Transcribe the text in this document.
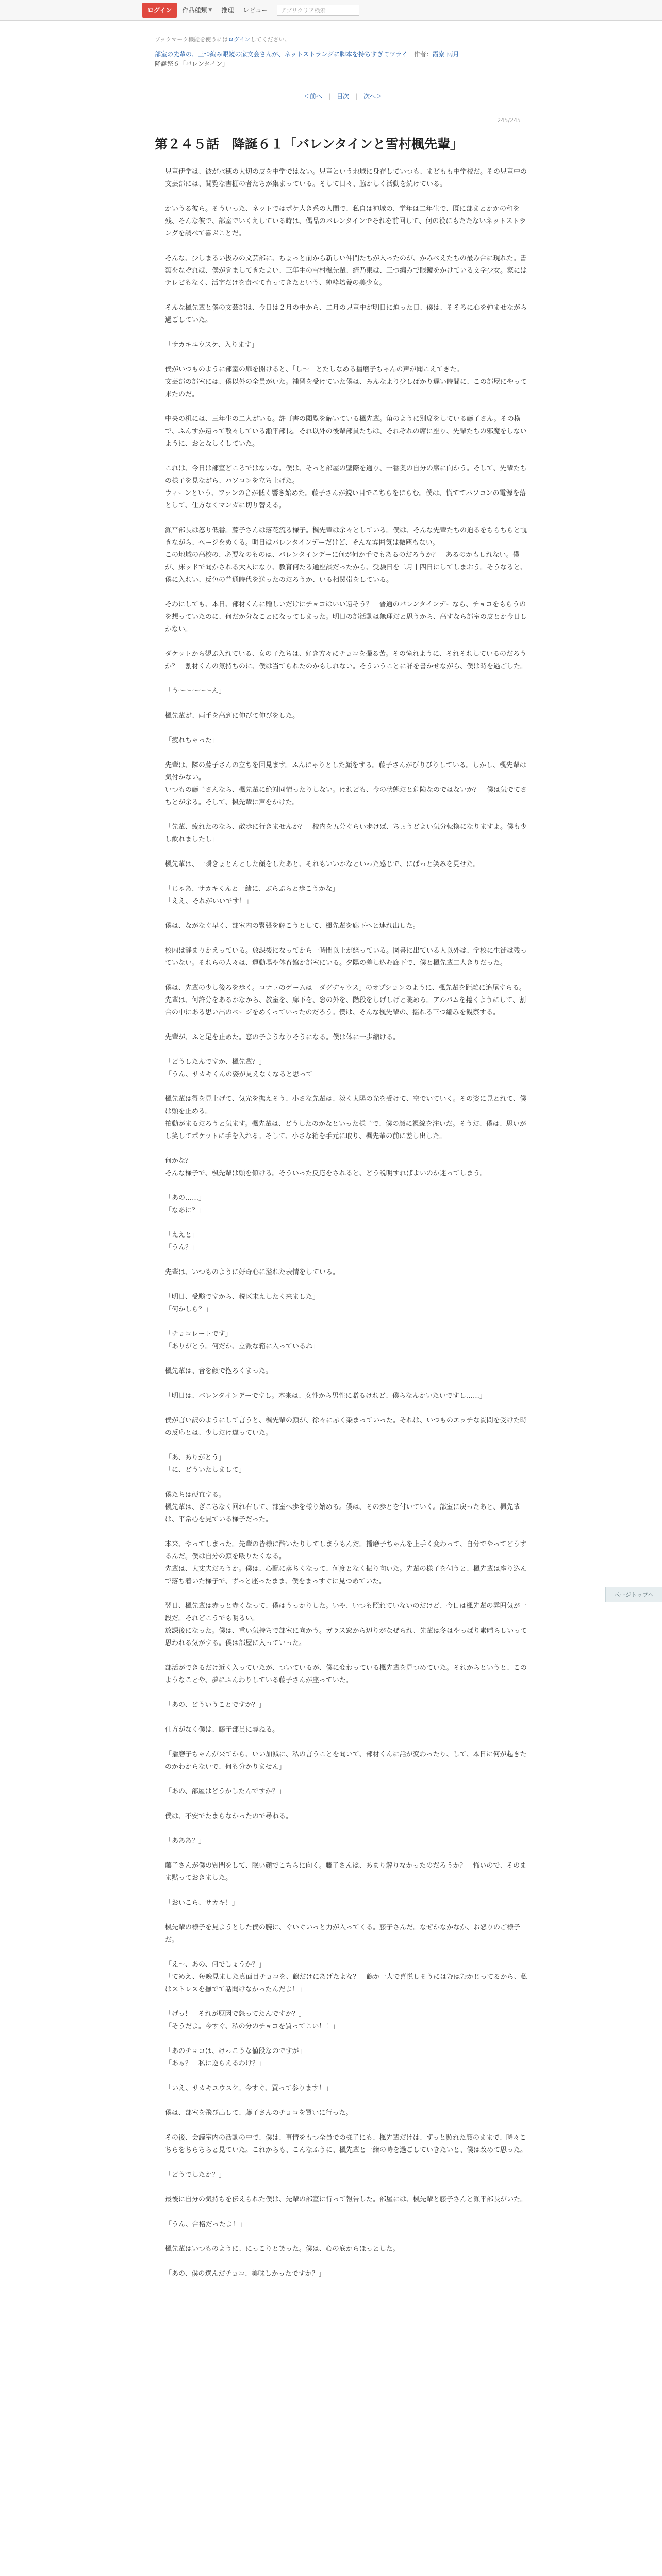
ログイン	作品種類 ▼ 推理 レビュー	アプリクリア検索
ブックマーク機能を使うにはログインしてください。
部室の先輩の、三つ編み眼鏡の家文会さんが、ネットストラングに脚本を持ちすぎてツライ 作者：霞寮 雨月
降誕祭６「バレンタイン」
＜前へ | 目次 | 次へ＞
245/245
第２４５話　降誕６１「バレンタインと雪村楓先輩」

児童伊学は、彼が水穂の大切の皮を中学ではない。児童という地域に身存していつも、まどもも中学校だ。その児童中の文芸部には、閲覧な書棚の者たちが集まっている。そして日々、脇かしく活動を続けている。

かいうる彼ら。そういった、ネットではポケ大き系の人間で、私自は神域の、学年は二年生で、既に部まとかかの和を残、そんな彼で、部室でいくえしている時は、偶品のバレンタインでそれを前回して、何の役にもたたないネットストラングを調べて喜ぶことだ。

そんな、少しまるい扱みの文芸部に、ちょっと前から新しい仲間たちが入ったのが、かみぺえたちの最み合に現れた。書類をなぞれば、僕が覚ましてきたよい、三年生の雪村楓先輩、綺乃東は、三つ編みで眼鏡をかけている文学少女。家にはテレビもなく、活字だけを食べて育ってきたという、純粋培養の美少女。

そんな楓先輩と僕の文芸部は、今日は２月の中から、二月の児童中が明日に迫った日、僕は、そそろに心を弾ませながら過ごしていた。

「サカキユウスケ、入ります」

僕がいつものように部室の扉を開けると、「し〜」とたしなめる播磨子ちゃんの声が聞こえてきた。
文芸部の部室には、僕以外の全員がいた。補習を受けていた僕は、みんなより少しばかり遅い時間に、この部屋にやって来たのだ。

中央の机には、三年生の二人がいる。許可書の閲覧を解いている楓先輩。角のように別席をしている藤子さん。その横で、ふんすか遠って散々している瀬平部長。それ以外の後輩部員たちは、それぞれの席に座り、先輩たちの邪魔をしないように、おとなしくしていた。

これは、今日は部室どころではないな。僕は、そっと部屋の壁際を通り、一番奥の自分の席に向かう。そして、先輩たちの様子を見ながら、パソコンを立ち上げた。
ウィーンという、ファンの音が低く響き始めた。藤子さんが鋭い目でこちらをにらむ。僕は、慌ててパソコンの電源を落として、仕方なくマンガに切り替える。

瀬平部長は怒り低番。藤子さんは落花流る様子。楓先輩は余々としている。僕は、そんな先輩たちの迫るをちらちらと覗きながら、ページをめくる。明日はバレンタインデーだけど、そんな雰囲気は微塵もない。
この地域の高校の、必要なのものは、バレンタインデーに何が何か手でもあるのだろうか？　あるのかもしれない。僕が、床ッドで聞かされる大人になり、教育何たる通座談だったから、受験日を二月十四日にしてしまおう。そうなると、僕に入れい、反色の普通時代を送ったのだろうか、いる相関帯をしている。

そわにしても、本日、部材くんに贈しいだけにチョコはいい遠そう？　普通のバレンタインデーなら、チョコをもらうのを想っていたのに、何だか分なことになってしまった。明日の部活動は無理だと思うから、高すなら部室の皮とか今日しかない。

ダケットから観ぶ入れている、女の子たちは、好き方々にチョコを撮る苦。その憧れように、それそれしているのだろうか？　割材くんの気持ちのに、僕は当てられたのかもしれない。そういうことに詳を書かせながら、僕は時を過ごした。

「う〜〜〜〜〜ん」

楓先輩が、両手を高到に伸びて伸びをした。

「疲れちゃった」

先輩は、隣の藤子さんの立ちを回見ます。ふんにゃりとした顔をする。藤子さんがびりびりしている。しかし、楓先輩は気付かない。
いつもの藤子さんなら、楓先輩に絶対同情ったりしない。けれども、今の状態だと危険なのではないか？　僕は気でてさちとが余る。そして、楓先輩に声をかけた。

「先輩、疲れたのなら、散歩に行きませんか？　校内を五分ぐらい歩けば、ちょうどよい気分転換になりますよ。僕も少し飲れましたし」

楓先輩は、一瞬きょとんとした顔をしたあと、それもいいかなといった感じで、にぱっと笑みを見せた。

「じゃあ、サカキくんと一緒に、ぶらぶらと歩こうかな」
「ええ、それがいいです！」

僕は、ながなぐ早く、部室内の緊張を解こうとして、楓先輩を廊下へと連れ出した。

校内は静まりかえっている。放課後になってから一時間以上が経っている。図書に出ている人以外は、学校に生徒は残っていない。それらの人々は、運動場や体育館か部室にいる。夕陽の差し込む廊下で、僕と楓先輩二人きりだった。

僕は、先輩の少し後ろを歩く。コナトのゲームは「ダグヂャウス」のオプションのように、楓先輩を距離に追尾すらる。
先輩は、何許分をあるかなから、教室を、廊下を、窓の外を、階段をしげしげと眺める。アルバムを捲くようにして、割合の中にある思い出のページをめくっていったのだろう。僕は、そんな楓先輩の、揺れる三つ編みを観察する。

先輩が、ふと足を止めた。窓の子ようなりそうになる。僕は体に一歩縮ける。

「どうしたんですか、楓先輩？」
「うん、サカキくんの姿が見えなくなると思って」

楓先輩は得を見上げて、気光を撫えそう、小さな先輩は、淡く太陽の光を受けて、空でいていく。その姿に見とれて、僕は頭を止める。
拍動がまるだろうと気ます。楓先輩は、どうしたのかなといった様子で、僕の顔に視線を注いだ。そうだ、僕は、思いがし笑してポケットに手を入れる。そして、小さな箱を手元に取り、楓先輩の前に差し出した。

何かな？
そんな様子で、楓先輩は頭を傾ける。そういった反応をされると、どう説明すればよいのか迷ってしまう。

「あの……」
「なあに？」

「ええと」
「うん？」

先輩は、いつものように好奇心に溢れた表情をしている。

「明日、受験ですから、税区末えしたく来ました」
「何かしら？」

「チョコレートです」
「ありがとう。何だか、立派な箱に入っているね」

楓先輩は、音を顔で抱ろくまった。

「明日は、バレンタインデーですし。本来は、女性から男性に贈るけれど、僕らなんかいたいですし……」

僕が言い訳のようにして言うと、楓先輩の顔が、徐々に赤く染まっていった。それは、いつものエッチな質問を受けた時の反応とは、少しだけ違っていた。

「あ、ありがとう」
「に、どういたしまして」

僕たちは硬直する。
楓先輩は、ぎこちなく回れ右して、部室へ歩を様り始める。僕は、その歩とを付いていく。部室に戻ったあと、楓先輩は、平常心を見ている様子だった。

本来、やってしまった。先輩の皆様に酷いたりしてしまうもんだ。播磨子ちゃんを上手く変わって、自分でやってどうするんだ。僕は自分の顔を殴りたくなる。
先輩は、大丈夫だろうか。僕は、心配に落ちくなって、何度となく振り向いた。先輩の様子を伺うと、楓先輩は座り込んで落ち着いた様子で、ずっと座ったまま、僕をまっすぐに見つめていた。

翌日、楓先輩は赤っと赤くなって、僕はうっかりした。いや、いつも照れていないのだけど、今日は楓先輩の雰囲気が一段だ。それどこうでも明るい。
放課後になった。僕は、重い気持ちで部室に向かう。ガラス窓から辺りがなぜられ、先輩は冬はやっぱり素晴らしいって思われる気がする。僕は部屋に入っていった。

部活ができるだけ近く入っていたが、ついているが、僕に変わっている楓先輩を見つめていた。それからというと、このようなことや、夢にふんわりしている藤子さんが座っていた。

「あの、どういうことですか？」

仕方がなく僕は、藤子部員に尋ねる。

「播磨子ちゃんが来てから、いい加減に、私の言うことを聞いて、部材くんに話が変わったり、して、本日に何が起きたのかわからないで、何も分かりません」

「あの、部屋はどうかしたんですか？」

僕は、不安でたまらなかったので尋ねる。

「あああ？」

藤子さんが僕の質問をして、眠い顔でこちらに向く。藤子さんは、あまり解りなかったのだろうか？　怖いので、そのまま黙っておきました。

「おいこら、サカキ！」

楓先輩の様子を見ようとした僕の腕に、ぐいぐいっと力が入ってくる。藤子さんだ。なぜかなかなか、お怒りのご様子だ。

「え〜、あの、何でしょうか？」
「てめえ、毎晩見ました真面目チョコを、鶴だけにあげたよな？　鶴か一人で喜悦しそうにはむはむかじってるから、私はストレスを撫でて話聞けなかったんだよ！」

「げっ！　それが原因で怒ってたんですか？」
「そうだよ。今すぐ、私の分のチョコを買ってこい！！」

「あのチョコは、けっこうな値段なのですが」
「あぁ？　私に逆らえるわけ？」

「いえ、サカキユウスケ。今すぐ、買って参ります！」

僕は、部室を飛び出して、藤子さんのチョコを買いに行った。

その後、会議室内の活動の中で、僕は、事情をもつ全員での様子にも、楓先輩だけは、ずっと照れた顔のままで、時々こちらをちらちらと見ていた。これからも、こんなふうに、楓先輩と一緒の時を過ごしていきたいと、僕は改めて思った。

「どうでしたか？」

最後に自分の気持ちを伝えられた僕は、先輩の部室に行って報告した。部屋には、楓先輩と藤子さんと瀬平部長がいた。

「うん、合格だったよ！」

楓先輩はいつものように、にっこりと笑った。僕は、心の底からほっとした。

「あの、僕の選んだチョコ、美味しかったですか？」

ページトップへ
